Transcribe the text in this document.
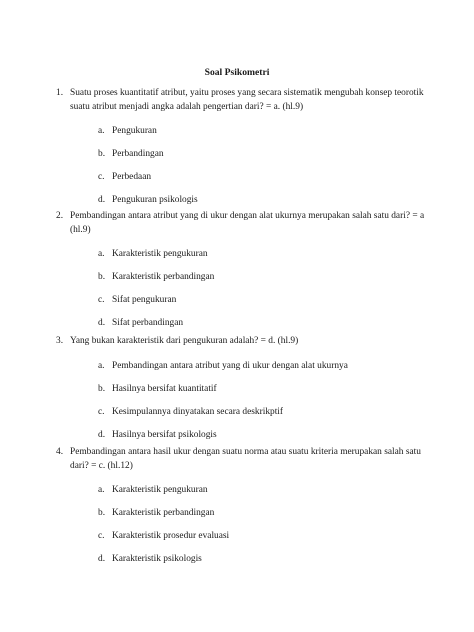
Soal Psikometri
1. Suatu proses kuantitatif atribut, yaitu proses yang secara sistematik mengubah konsep teorotik suatu atribut menjadi angka adalah pengertian dari? = a. (hl.9)
a. Pengukuran
b. Perbandingan
c. Perbedaan
d. Pengukuran psikologis
2. Pembandingan antara atribut yang di ukur dengan alat ukurnya merupakan salah satu dari? = a (hl.9)
a. Karakteristik pengukuran
b. Karakteristik perbandingan
c. Sifat pengukuran
d. Sifat perbandingan
3. Yang bukan karakteristik dari pengukuran adalah? = d. (hl.9)
a. Pembandingan antara atribut yang di ukur dengan alat ukurnya
b. Hasilnya bersifat kuantitatif
c. Kesimpulannya dinyatakan secara deskrikptif
d. Hasilnya bersifat psikologis
4. Pembandingan antara hasil ukur dengan suatu norma atau suatu kriteria merupakan salah satu dari? = c. (hl.12)
a. Karakteristik pengukuran
b. Karakteristik perbandingan
c. Karakteristik prosedur evaluasi
d. Karakteristik psikologis
